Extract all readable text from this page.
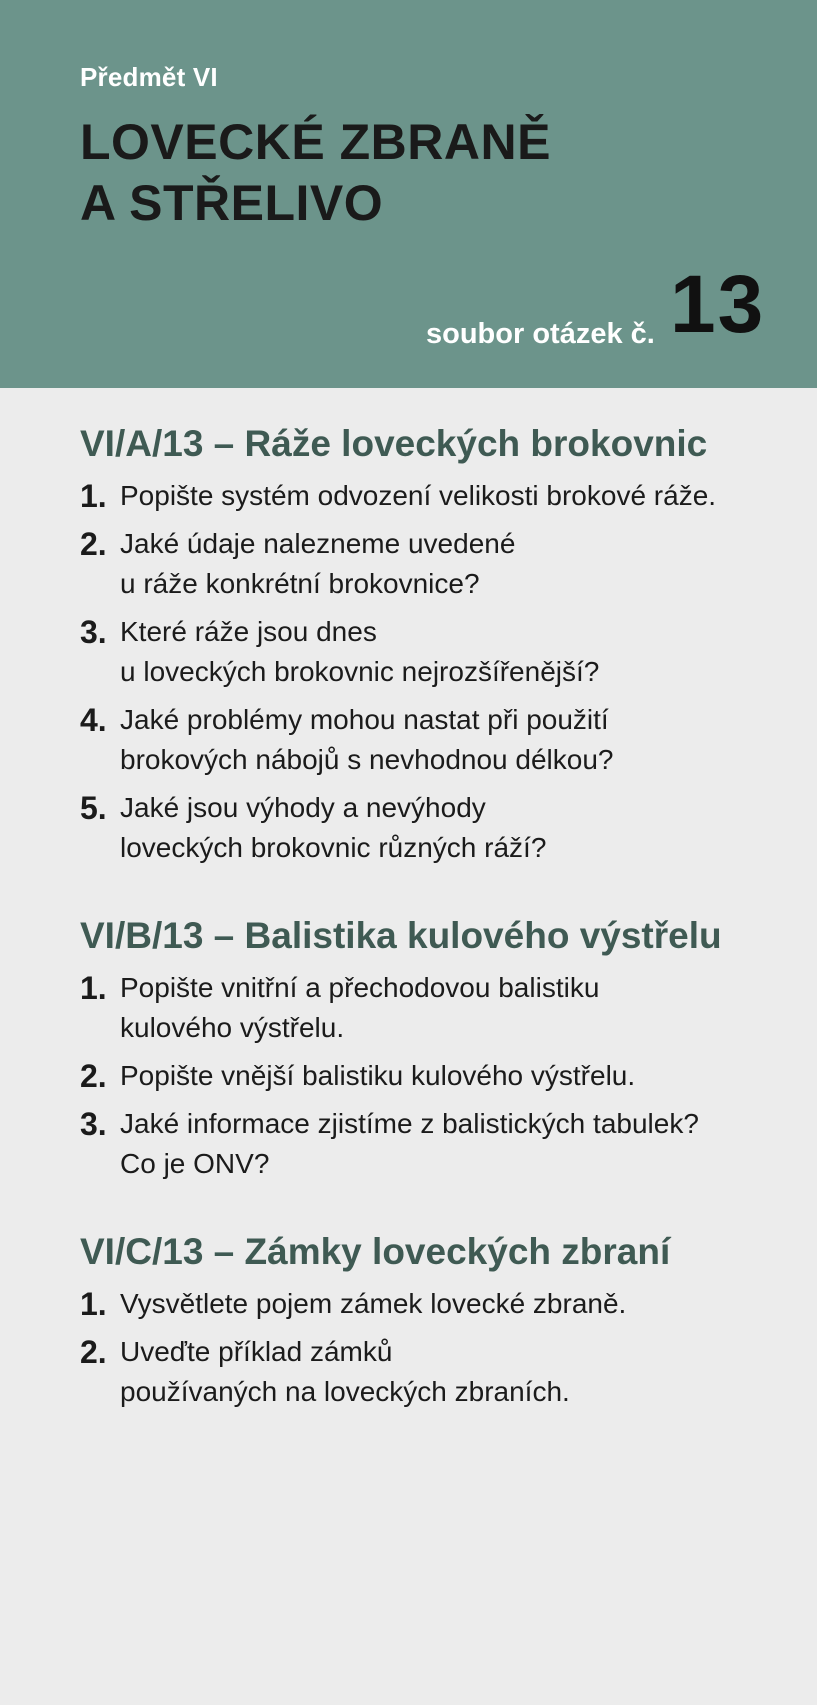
Předmět VI
LOVECKÉ ZBRANĚ
A STŘELIVO
soubor otázek č. 13
VI/A/13 – Ráže loveckých brokovnic
1. Popište systém odvození velikosti brokové ráže.
2. Jaké údaje nalezneme uvedené
u ráže konkrétní brokovnice?
3. Které ráže jsou dnes
u loveckých brokovnic nejrozšířenější?
4. Jaké problémy mohou nastat při použití
brokových nábojů s nevhodnou délkou?
5. Jaké jsou výhody a nevýhody
loveckých brokovnic různých ráží?
VI/B/13 – Balistika kulového výstřelu
1. Popište vnitřní a přechodovou balistiku
kulového výstřelu.
2. Popište vnější balistiku kulového výstřelu.
3. Jaké informace zjistíme z balistických tabulek?
Co je ONV?
VI/C/13 – Zámky loveckých zbraní
1. Vysvětlete pojem zámek lovecké zbraně.
2. Uveďte příklad zámků
používaných na loveckých zbraních.
